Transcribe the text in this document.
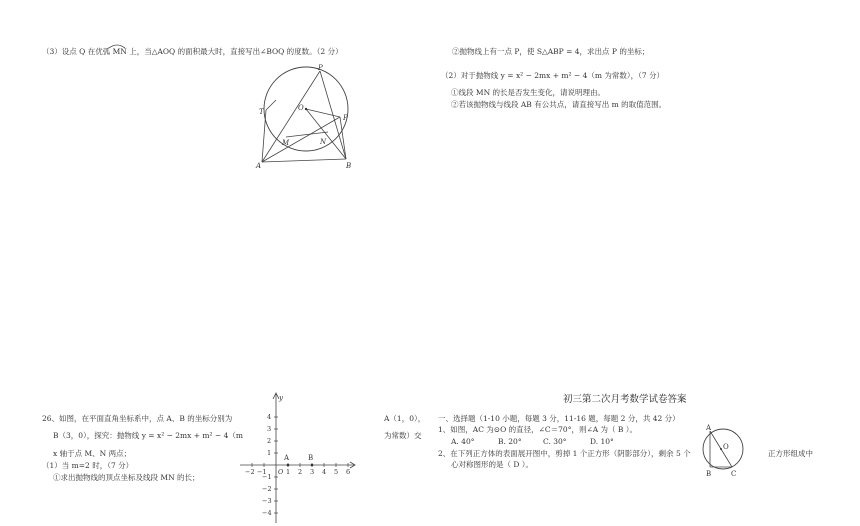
（3）设点 Q 在优弧 MN 上，当△AOQ 的面积最大时，直接写出∠BOQ 的度数。（2 分）
P
T	O
P
M	N
A	B
②抛物线上有一点 P，使 S△ABP = 4，求出点 P 的坐标；
（2）对于抛物线 y = x² − 2mx + m² − 4（m 为常数），（7 分）
①线段 MN 的长是否发生变化，请说明理由。
②若该抛物线与线段 AB 有公共点，请直接写出 m 的取值范围。
26、如图，在平面直角坐标系中，点 A、B 的坐标分别为	A（1，0），
B（3，0），探究：抛物线 y = x² − 2mx + m² − 4（m	为常数）交
x 轴于点 M、N 两点；
（1）当 m=2 时，（7 分）
①求出抛物线的顶点坐标及线段 MN 的长；
y
−2 −1	1 2 3 4 5 6
4
3
2
1
−1
−2
−3
−4
O
A	B
初三第二次月考数学试卷答案
一、选择题（1-10 小题，每题 3 分，11-16 题，每题 2 分，共 42 分）
1、如图，AC 为⊙O 的直径，∠C＝70°，则∠A 为（ B ）。
A. 40°	B. 20°	C. 30°	D. 10°
2、在下列正方体的表面展开图中，剪掉 1 个正方形（阴影部分），剩余 5 个	正方形组成中
心对称图形的是（ D ）。
A
O
B	C
